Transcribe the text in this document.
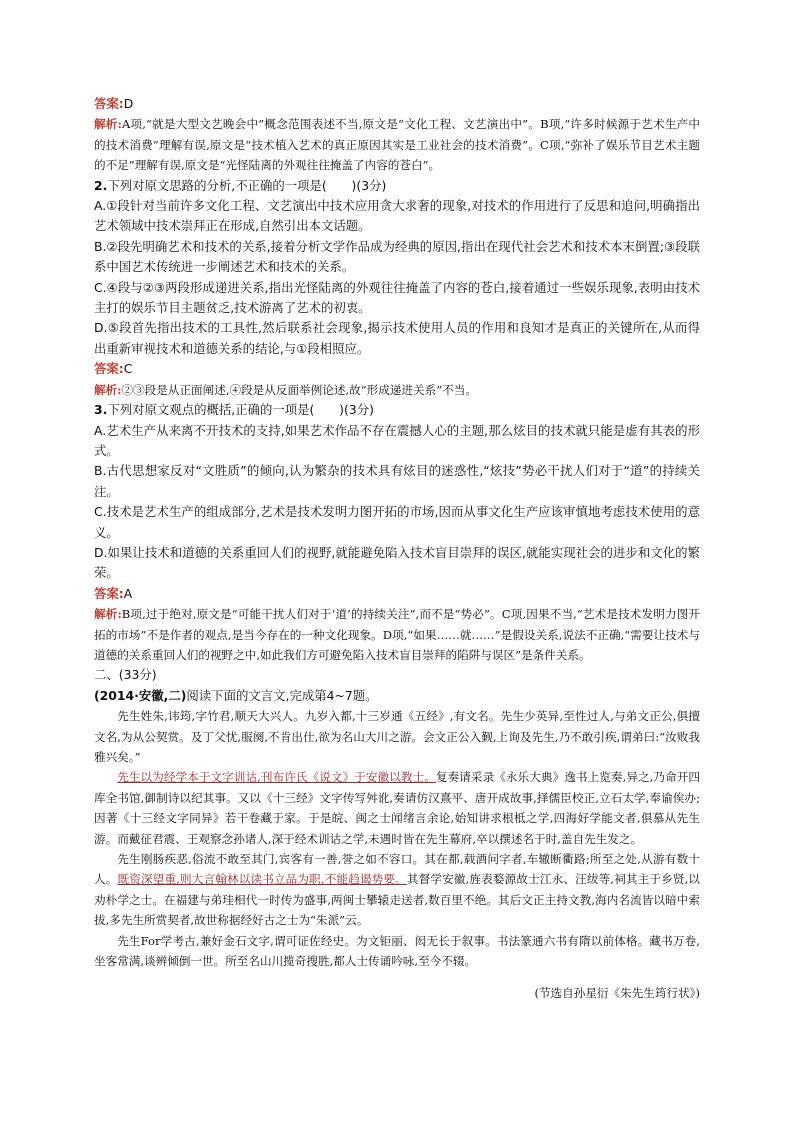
答案:D

解析:A项,“就是大型文艺晚会中”概念范围表述不当,原文是“文化工程、文艺演出中”。B项,“许多时候源于艺术生产中的技术消费”理解有误,原文是“技术植入艺术的真正原因其实是工业社会的技术消费”。C项,“弥补了娱乐节目艺术主题的不足”理解有误,原文是“光怪陆离的外观往往掩盖了内容的苍白”。

2.下列对原文思路的分析,不正确的一项是(　　)(3分)

A.①段针对当前许多文化工程、文艺演出中技术应用贪大求奢的现象,对技术的作用进行了反思和追问,明确指出艺术领域中技术崇拜正在形成,自然引出本文话题。

B.②段先明确艺术和技术的关系,接着分析文学作品成为经典的原因,指出在现代社会艺术和技术本末倒置;③段联系中国艺术传统进一步阐述艺术和技术的关系。

C.④段与②③两段形成递进关系,指出光怪陆离的外观往往掩盖了内容的苍白,接着通过一些娱乐现象,表明由技术主打的娱乐节目主题贫乏,技术游离了艺术的初衷。

D.⑤段首先指出技术的工具性,然后联系社会现象,揭示技术使用人员的作用和良知才是真正的关键所在,从而得出重新审视技术和道德关系的结论,与①段相照应。

答案:C

解析:②③段是从正面阐述,④段是从反面举例论述,故“形成递进关系”不当。

3.下列对原文观点的概括,正确的一项是(　　)(3分)

A.艺术生产从来离不开技术的支持,如果艺术作品不存在震撼人心的主题,那么炫目的技术就只能是虚有其表的形式。

B.古代思想家反对“文胜质”的倾向,认为繁杂的技术具有炫目的迷惑性,“炫技”势必干扰人们对于“道”的持续关注。

C.技术是艺术生产的组成部分,艺术是技术发明力图开拓的市场,因而从事文化生产应该审慎地考虑技术使用的意义。

D.如果让技术和道德的关系重回人们的视野,就能避免陷入技术盲目崇拜的误区,就能实现社会的进步和文化的繁荣。

答案:A

解析:B项,过于绝对,原文是“可能干扰人们对于‘道’的持续关注”,而不是“势必”。C项,因果不当,“艺术是技术发明力图开拓的市场”不是作者的观点,是当今存在的一种文化现象。D项,“如果……就……”是假设关系,说法不正确,“需要让技术与道德的关系重回人们的视野之中,如此我们方可避免陷入技术盲目崇拜的陷阱与误区”是条件关系。

二、(33分)

(2014·安徽,二)阅读下面的文言文,完成第4~7题。

先生姓朱,讳筠,字竹君,顺天大兴人。九岁入都,十三岁通《五经》,有文名。先生少英异,至性过人,与弟文正公,俱擅文名,为从公契赏。及丁父忧,服阕,不肯出仕,欲为名山大川之游。会文正公入觐,上询及先生,乃不敢引疾,谓弟曰:“汝败我雅兴矣。”

先生以为经学本于文字训诂,刊布许氏《说文》于安徽以教士。复奏请采录《永乐大典》逸书上览奏,异之,乃命开四库全书馆,御制诗以纪其事。又以《十三经》文字传写舛讹,奏请仿汉熹平、唐开成故事,择儒臣校正,立石太学,奉谕俟办;因著《十三经文字同异》若干卷藏于家。于是皖、闽之士闻绪言余论,始知讲求根柢之学,四海好学能文者,俱慕从先生游。而戴征君震、王观察念孙诸人,深于经术训诂之学,未遇时皆在先生幕府,卒以撰述名于时,盖自先生发之。

先生刚肠疾恶,俗流不敢至其门,宾客有一善,誉之如不容口。其在都,载酒问字者,车辙断衢路;所至之处,从游有数十人。既资深望重,则大言翰林以读书立品为职,不能趋谒势要。其督学安徽,旌表婺源故士江永、汪绂等,祠其主于乡贤,以劝朴学之士。在福建与弟珪相代一时传为盛事,两闽士攀辕走送者,数百里不绝。其后文正主持文教,海内名流皆以暗中索拔,多先生所赏契者,故世称据经好古之士为“朱派”云。

先生For学考古,兼好金石文字,谓可证佐经史。为文钜丽、闳无长于叙事。书法篆通六书有隋以前体格。藏书万卷,坐客常满,谈辨倾倒一世。所至名山川揽奇搜胜,都人士传诵吟咏,至今不辍。

(节选自孙星衍《朱先生筠行状》)
